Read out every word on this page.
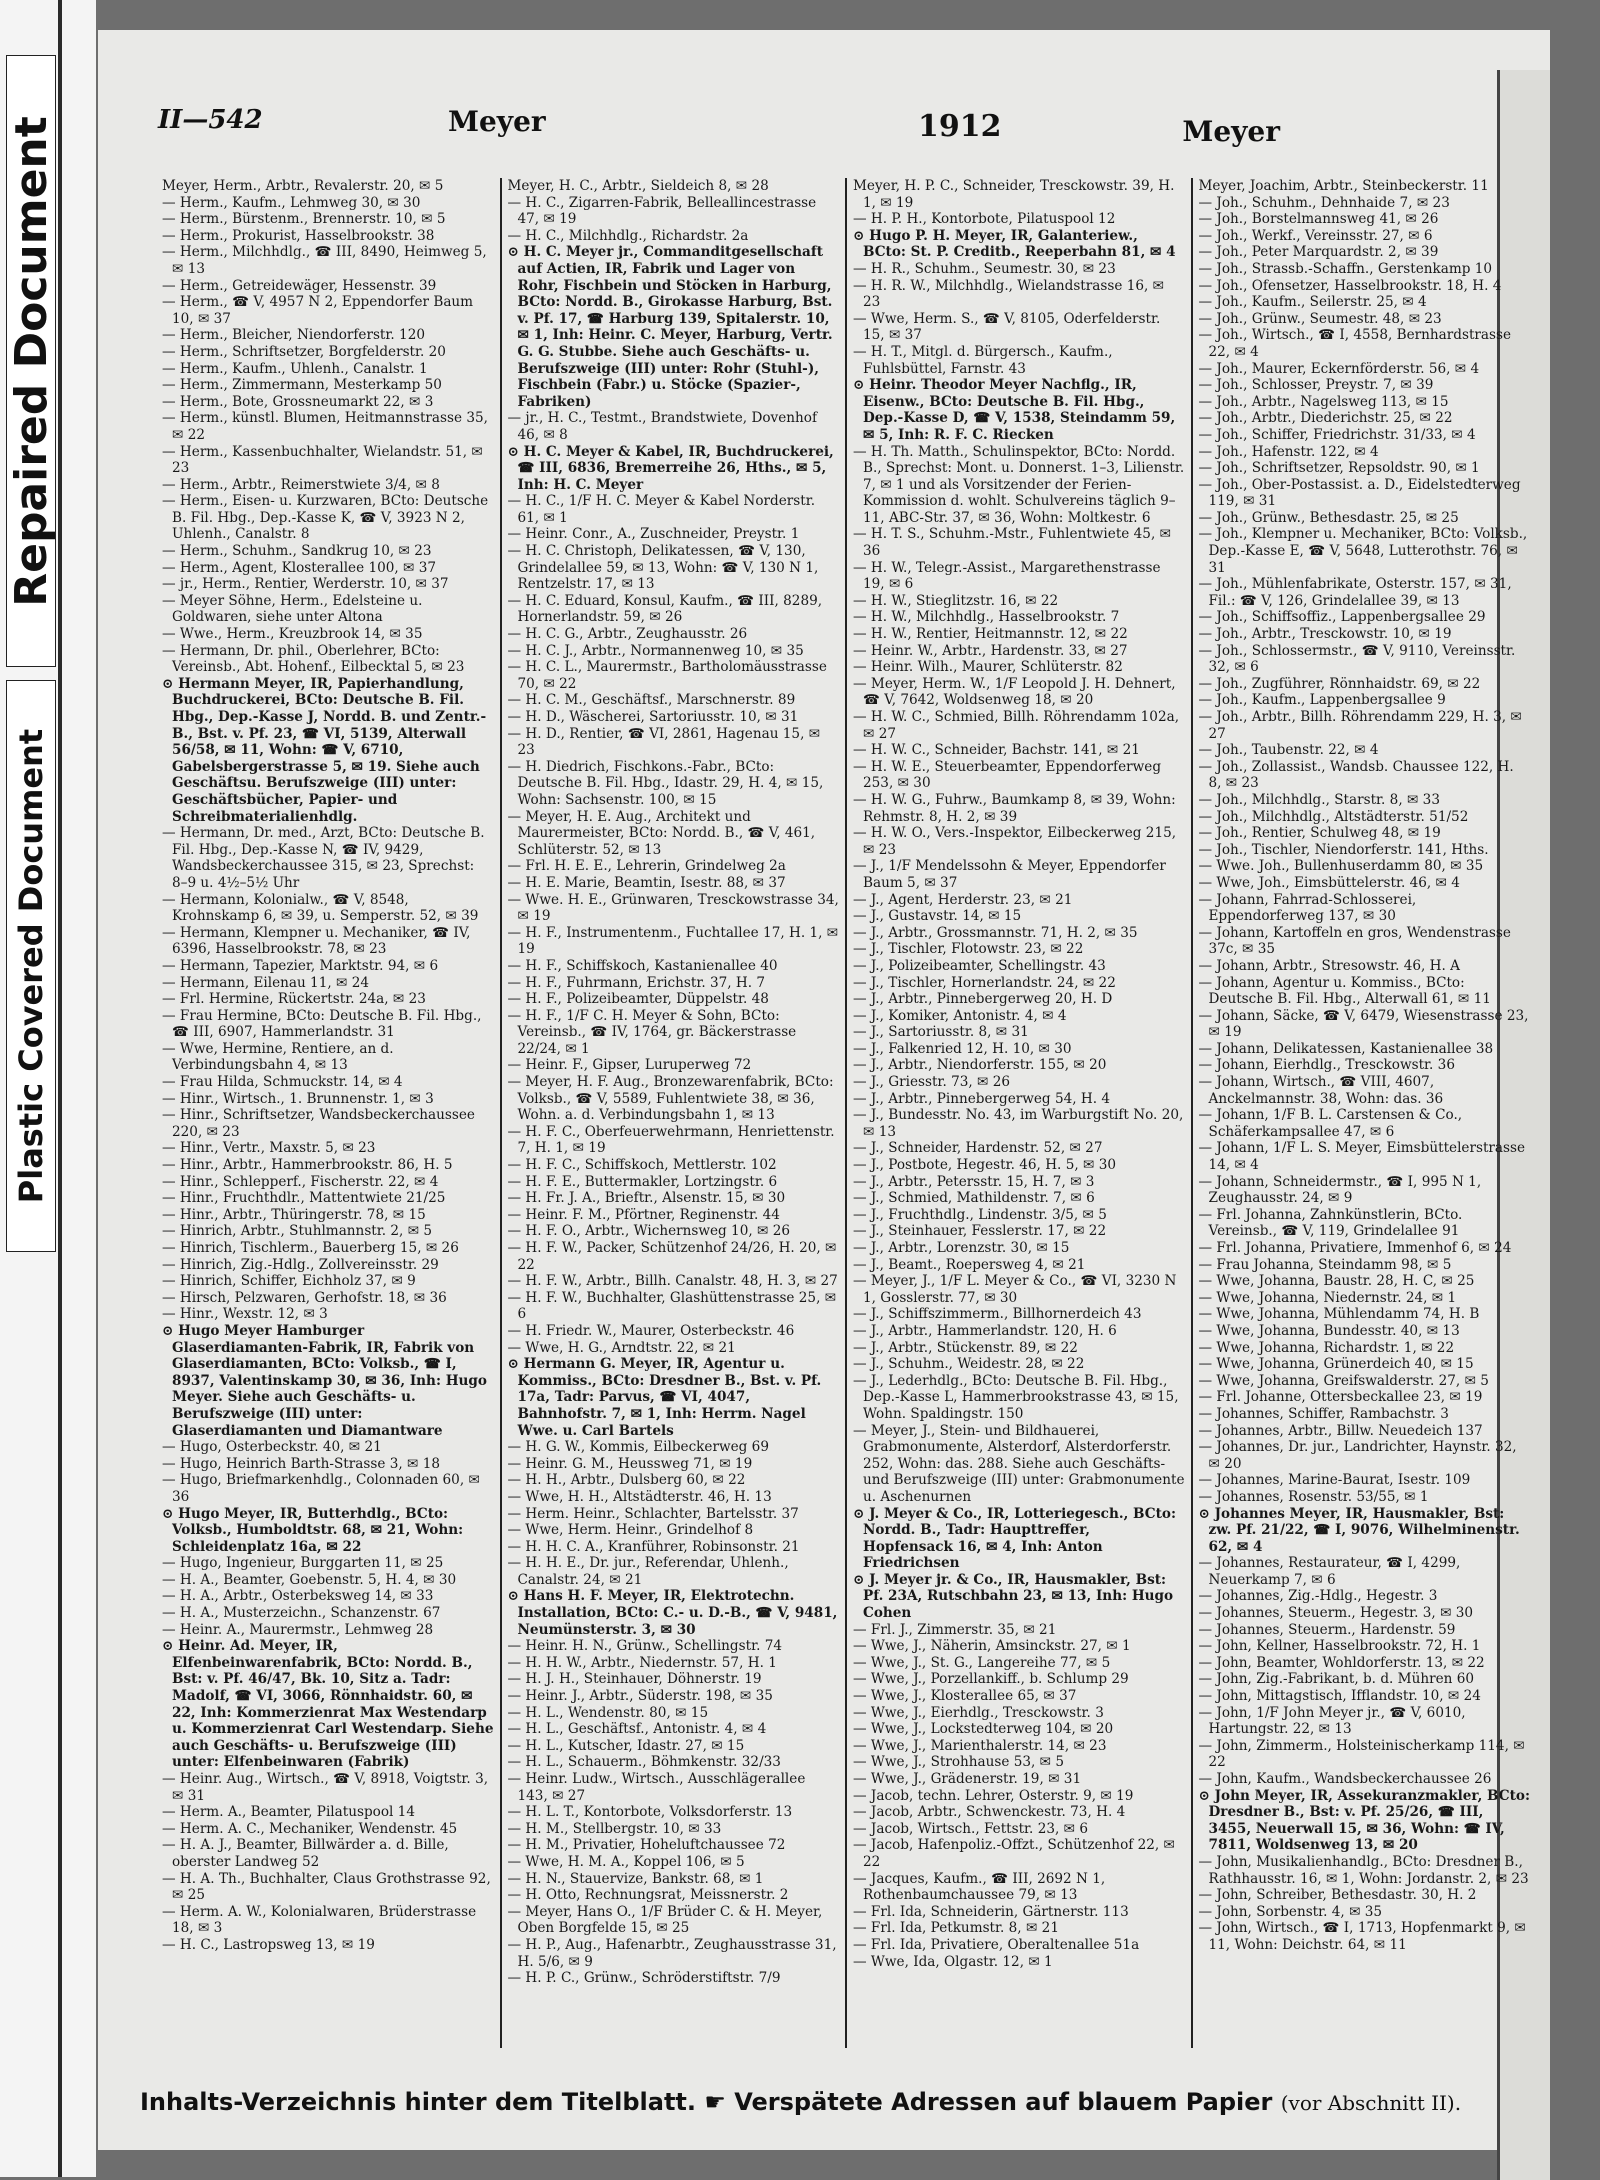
Repaired Document
Plastic Covered Document
II—542	Meyer	1912	Meyer

Meyer, Herm., Arbtr., Revalerstr. 20, ✉ 5

— Herm., Kaufm., Lehmweg 30, ✉ 30

— Herm., Bürstenm., Brennerstr. 10, ✉ 5

— Herm., Prokurist, Hasselbrookstr. 38

— Herm., Milchhdlg., ☎ III, 8490, Heimweg 5, ✉ 13

— Herm., Getreidewäger, Hessenstr. 39

— Herm., ☎ V, 4957 N 2, Eppendorfer Baum 10, ✉ 37

— Herm., Bleicher, Niendorferstr. 120

— Herm., Schriftsetzer, Borgfelderstr. 20

— Herm., Kaufm., Uhlenh., Canalstr. 1

— Herm., Zimmermann, Mesterkamp 50

— Herm., Bote, Grossneumarkt 22, ✉ 3

— Herm., künstl. Blumen, Heitmannstrasse 35, ✉ 22

— Herm., Kassenbuchhalter, Wielandstr. 51, ✉ 23

— Herm., Arbtr., Reimerstwiete 3/4, ✉ 8

— Herm., Eisen- u. Kurzwaren, BCto: Deutsche B. Fil. Hbg., Dep.-Kasse K, ☎ V, 3923 N 2, Uhlenh., Canalstr. 8

— Herm., Schuhm., Sandkrug 10, ✉ 23

— Herm., Agent, Klosterallee 100, ✉ 37

— jr., Herm., Rentier, Werderstr. 10, ✉ 37

— Meyer Söhne, Herm., Edelsteine u. Goldwaren, siehe unter Altona

— Wwe., Herm., Kreuzbrook 14, ✉ 35

— Hermann, Dr. phil., Oberlehrer, BCto: Vereinsb., Abt. Hohenf., Eilbecktal 5, ✉ 23

⊙ Hermann Meyer, IR, Papierhandlung, Buchdruckerei, BCto: Deutsche B. Fil. Hbg., Dep.-Kasse J, Nordd. B. und Zentr.-B., Bst. v. Pf. 23, ☎ VI, 5139, Alterwall 56/58, ✉ 11, Wohn: ☎ V, 6710, Gabelsbergerstrasse 5, ✉ 19. Siehe auch Geschäftsu. Berufszweige (III) unter: Geschäftsbücher, Papier- und Schreibmaterialienhdlg.

— Hermann, Dr. med., Arzt, BCto: Deutsche B. Fil. Hbg., Dep.-Kasse N, ☎ IV, 9429, Wandsbeckerchaussee 315, ✉ 23, Sprechst: 8–9 u. 4½–5½ Uhr

— Hermann, Kolonialw., ☎ V, 8548, Krohnskamp 6, ✉ 39, u. Semperstr. 52, ✉ 39

— Hermann, Klempner u. Mechaniker, ☎ IV, 6396, Hasselbrookstr. 78, ✉ 23

— Hermann, Tapezier, Marktstr. 94, ✉ 6

— Hermann, Eilenau 11, ✉ 24

— Frl. Hermine, Rückertstr. 24a, ✉ 23

— Frau Hermine, BCto: Deutsche B. Fil. Hbg., ☎ III, 6907, Hammerlandstr. 31

— Wwe, Hermine, Rentiere, an d. Verbindungsbahn 4, ✉ 13

— Frau Hilda, Schmuckstr. 14, ✉ 4

— Hinr., Wirtsch., 1. Brunnenstr. 1, ✉ 3

— Hinr., Schriftsetzer, Wandsbeckerchaussee 220, ✉ 23

— Hinr., Vertr., Maxstr. 5, ✉ 23

— Hinr., Arbtr., Hammerbrookstr. 86, H. 5

— Hinr., Schlepperf., Fischerstr. 22, ✉ 4

— Hinr., Fruchthdlr., Mattentwiete 21/25

— Hinr., Arbtr., Thüringerstr. 78, ✉ 15

— Hinrich, Arbtr., Stuhlmannstr. 2, ✉ 5

— Hinrich, Tischlerm., Bauerberg 15, ✉ 26

— Hinrich, Zig.-Hdlg., Zollvereinsstr. 29

— Hinrich, Schiffer, Eichholz 37, ✉ 9

— Hirsch, Pelzwaren, Gerhofstr. 18, ✉ 36

— Hinr., Wexstr. 12, ✉ 3

⊙ Hugo Meyer Hamburger Glaserdiamanten-Fabrik, IR, Fabrik von Glaserdiamanten, BCto: Volksb., ☎ I, 8937, Valentinskamp 30, ✉ 36, Inh: Hugo Meyer. Siehe auch Geschäfts- u. Berufszweige (III) unter: Glaserdiamanten und Diamantware

— Hugo, Osterbeckstr. 40, ✉ 21

— Hugo, Heinrich Barth-Strasse 3, ✉ 18

— Hugo, Briefmarkenhdlg., Colonnaden 60, ✉ 36

⊙ Hugo Meyer, IR, Butterhdlg., BCto: Volksb., Humboldtstr. 68, ✉ 21, Wohn: Schleidenplatz 16a, ✉ 22

— Hugo, Ingenieur, Burggarten 11, ✉ 25

— H. A., Beamter, Goebenstr. 5, H. 4, ✉ 30

— H. A., Arbtr., Osterbeksweg 14, ✉ 33

— H. A., Musterzeichn., Schanzenstr. 67

— Heinr. A., Maurermstr., Lehmweg 28

⊙ Heinr. Ad. Meyer, IR, Elfenbeinwarenfabrik, BCto: Nordd. B., Bst: v. Pf. 46/47, Bk. 10, Sitz a. Tadr: Madolf, ☎ VI, 3066, Rönnhaidstr. 60, ✉ 22, Inh: Kommerzienrat Max Westendarp u. Kommerzienrat Carl Westendarp. Siehe auch Geschäfts- u. Berufszweige (III) unter: Elfenbeinwaren (Fabrik)

— Heinr. Aug., Wirtsch., ☎ V, 8918, Voigtstr. 3, ✉ 31

— Herm. A., Beamter, Pilatuspool 14

— Herm. A. C., Mechaniker, Wendenstr. 45

— H. A. J., Beamter, Billwärder a. d. Bille, oberster Landweg 52

— H. A. Th., Buchhalter, Claus Grothstrasse 92, ✉ 25

— Herm. A. W., Kolonialwaren, Brüderstrasse 18, ✉ 3

— H. C., Lastropsweg 13, ✉ 19

Meyer, H. C., Arbtr., Sieldeich 8, ✉ 28

— H. C., Zigarren-Fabrik, Belleallincestrasse 47, ✉ 19

— H. C., Milchhdlg., Richardstr. 2a

⊙ H. C. Meyer jr., Commanditgesellschaft auf Actien, IR, Fabrik und Lager von Rohr, Fischbein und Stöcken in Harburg, BCto: Nordd. B., Girokasse Harburg, Bst. v. Pf. 17, ☎ Harburg 139, Spitalerstr. 10, ✉ 1, Inh: Heinr. C. Meyer, Harburg, Vertr. G. G. Stubbe. Siehe auch Geschäfts- u. Berufszweige (III) unter: Rohr (Stuhl-), Fischbein (Fabr.) u. Stöcke (Spazier-, Fabriken)

— jr., H. C., Testmt., Brandstwiete, Dovenhof 46, ✉ 8

⊙ H. C. Meyer & Kabel, IR, Buchdruckerei, ☎ III, 6836, Bremerreihe 26, Hths., ✉ 5, Inh: H. C. Meyer

— H. C., 1/F H. C. Meyer & Kabel Norderstr. 61, ✉ 1

— Heinr. Conr., A., Zuschneider, Preystr. 1

— H. C. Christoph, Delikatessen, ☎ V, 130, Grindelallee 59, ✉ 13, Wohn: ☎ V, 130 N 1, Rentzelstr. 17, ✉ 13

— H. C. Eduard, Konsul, Kaufm., ☎ III, 8289, Hornerlandstr. 59, ✉ 26

— H. C. G., Arbtr., Zeughausstr. 26

— H. C. J., Arbtr., Normannenweg 10, ✉ 35

— H. C. L., Maurermstr., Bartholomäusstrasse 70, ✉ 22

— H. C. M., Geschäftsf., Marschnerstr. 89

— H. D., Wäscherei, Sartoriusstr. 10, ✉ 31

— H. D., Rentier, ☎ VI, 2861, Hagenau 15, ✉ 23

— H. Diedrich, Fischkons.-Fabr., BCto: Deutsche B. Fil. Hbg., Idastr. 29, H. 4, ✉ 15, Wohn: Sachsenstr. 100, ✉ 15

— Meyer, H. E. Aug., Architekt und Maurermeister, BCto: Nordd. B., ☎ V, 461, Schlüterstr. 52, ✉ 13

— Frl. H. E. E., Lehrerin, Grindelweg 2a

— H. E. Marie, Beamtin, Isestr. 88, ✉ 37

— Wwe. H. E., Grünwaren, Tresckowstrasse 34, ✉ 19

— H. F., Instrumentenm., Fuchtallee 17, H. 1, ✉ 19

— H. F., Schiffskoch, Kastanienallee 40

— H. F., Fuhrmann, Erichstr. 37, H. 7

— H. F., Polizeibeamter, Düppelstr. 48

— H. F., 1/F C. H. Meyer & Sohn, BCto: Vereinsb., ☎ IV, 1764, gr. Bäckerstrasse 22/24, ✉ 1

— Heinr. F., Gipser, Luruperweg 72

— Meyer, H. F. Aug., Bronzewarenfabrik, BCto: Volksb., ☎ V, 5589, Fuhlentwiete 38, ✉ 36, Wohn. a. d. Verbindungsbahn 1, ✉ 13

— H. F. C., Oberfeuerwehrmann, Henriettenstr. 7, H. 1, ✉ 19

— H. F. C., Schiffskoch, Mettlerstr. 102

— H. F. E., Buttermakler, Lortzingstr. 6

— H. Fr. J. A., Brieftr., Alsenstr. 15, ✉ 30

— Heinr. F. M., Pförtner, Reginenstr. 44

— H. F. O., Arbtr., Wichernsweg 10, ✉ 26

— H. F. W., Packer, Schützenhof 24/26, H. 20, ✉ 22

— H. F. W., Arbtr., Billh. Canalstr. 48, H. 3, ✉ 27

— H. F. W., Buchhalter, Glashüttenstrasse 25, ✉ 6

— H. Friedr. W., Maurer, Osterbeckstr. 46

— Wwe, H. G., Arndtstr. 22, ✉ 21

⊙ Hermann G. Meyer, IR, Agentur u. Kommiss., BCto: Dresdner B., Bst. v. Pf. 17a, Tadr: Parvus, ☎ VI, 4047, Bahnhofstr. 7, ✉ 1, Inh: Herrm. Nagel Wwe. u. Carl Bartels

— H. G. W., Kommis, Eilbeckerweg 69

— Heinr. G. M., Heussweg 71, ✉ 19

— H. H., Arbtr., Dulsberg 60, ✉ 22

— Wwe, H. H., Altstädterstr. 46, H. 13

— Herm. Heinr., Schlachter, Bartelsstr. 37

— Wwe, Herm. Heinr., Grindelhof 8

— H. H. C. A., Kranführer, Robinsonstr. 21

— H. H. E., Dr. jur., Referendar, Uhlenh., Canalstr. 24, ✉ 21

⊙ Hans H. F. Meyer, IR, Elektrotechn. Installation, BCto: C.- u. D.-B., ☎ V, 9481, Neumünsterstr. 3, ✉ 30

— Heinr. H. N., Grünw., Schellingstr. 74

— H. H. W., Arbtr., Niedernstr. 57, H. 1

— H. J. H., Steinhauer, Döhnerstr. 19

— Heinr. J., Arbtr., Süderstr. 198, ✉ 35

— H. L., Wendenstr. 80, ✉ 15

— H. L., Geschäftsf., Antonistr. 4, ✉ 4

— H. L., Kutscher, Idastr. 27, ✉ 15

— H. L., Schauerm., Böhmkenstr. 32/33

— Heinr. Ludw., Wirtsch., Ausschlägerallee 143, ✉ 27

— H. L. T., Kontorbote, Volksdorferstr. 13

— H. M., Stellbergstr. 10, ✉ 33

— H. M., Privatier, Hoheluftchaussee 72

— Wwe, H. M. A., Koppel 106, ✉ 5

— H. N., Stauervize, Bankstr. 68, ✉ 1

— H. Otto, Rechnungsrat, Meissnerstr. 2

— Meyer, Hans O., 1/F Brüder C. & H. Meyer, Oben Borgfelde 15, ✉ 25

— H. P., Aug., Hafenarbtr., Zeughausstrasse 31, H. 5/6, ✉ 9

— H. P. C., Grünw., Schröderstiftstr. 7/9

Meyer, H. P. C., Schneider, Tresckowstr. 39, H. 1, ✉ 19

— H. P. H., Kontorbote, Pilatuspool 12

⊙ Hugo P. H. Meyer, IR, Galanteriew., BCto: St. P. Creditb., Reeperbahn 81, ✉ 4

— H. R., Schuhm., Seumestr. 30, ✉ 23

— H. R. W., Milchhdlg., Wielandstrasse 16, ✉ 23

— Wwe, Herm. S., ☎ V, 8105, Oderfelderstr. 15, ✉ 37

— H. T., Mitgl. d. Bürgersch., Kaufm., Fuhlsbüttel, Farnstr. 43

⊙ Heinr. Theodor Meyer Nachflg., IR, Eisenw., BCto: Deutsche B. Fil. Hbg., Dep.-Kasse D, ☎ V, 1538, Steindamm 59, ✉ 5, Inh: R. F. C. Riecken

— H. Th. Matth., Schulinspektor, BCto: Nordd. B., Sprechst: Mont. u. Donnerst. 1–3, Lilienstr. 7, ✉ 1 und als Vorsitzender der Ferien-Kommission d. wohlt. Schulvereins täglich 9–11, ABC-Str. 37, ✉ 36, Wohn: Moltkestr. 6

— H. T. S., Schuhm.-Mstr., Fuhlentwiete 45, ✉ 36

— H. W., Telegr.-Assist., Margarethenstrasse 19, ✉ 6

— H. W., Stieglitzstr. 16, ✉ 22

— H. W., Milchhdlg., Hasselbrookstr. 7

— H. W., Rentier, Heitmannstr. 12, ✉ 22

— Heinr. W., Arbtr., Hardenstr. 33, ✉ 27

— Heinr. Wilh., Maurer, Schlüterstr. 82

— Meyer, Herm. W., 1/F Leopold J. H. Dehnert, ☎ V, 7642, Woldsenweg 18, ✉ 20

— H. W. C., Schmied, Billh. Röhrendamm 102a, ✉ 27

— H. W. C., Schneider, Bachstr. 141, ✉ 21

— H. W. E., Steuerbeamter, Eppendorferweg 253, ✉ 30

— H. W. G., Fuhrw., Baumkamp 8, ✉ 39, Wohn: Rehmstr. 8, H. 2, ✉ 39

— H. W. O., Vers.-Inspektor, Eilbeckerweg 215, ✉ 23

— J., 1/F Mendelssohn & Meyer, Eppendorfer Baum 5, ✉ 37

— J., Agent, Herderstr. 23, ✉ 21

— J., Gustavstr. 14, ✉ 15

— J., Arbtr., Grossmannstr. 71, H. 2, ✉ 35

— J., Tischler, Flotowstr. 23, ✉ 22

— J., Polizeibeamter, Schellingstr. 43

— J., Tischler, Hornerlandstr. 24, ✉ 22

— J., Arbtr., Pinnebergerweg 20, H. D

— J., Komiker, Antonistr. 4, ✉ 4

— J., Sartoriusstr. 8, ✉ 31

— J., Falkenried 12, H. 10, ✉ 30

— J., Arbtr., Niendorferstr. 155, ✉ 20

— J., Griesstr. 73, ✉ 26

— J., Arbtr., Pinnebergerweg 54, H. 4

— J., Bundesstr. No. 43, im Warburgstift No. 20, ✉ 13

— J., Schneider, Hardenstr. 52, ✉ 27

— J., Postbote, Hegestr. 46, H. 5, ✉ 30

— J., Arbtr., Petersstr. 15, H. 7, ✉ 3

— J., Schmied, Mathildenstr. 7, ✉ 6

— J., Fruchthdlg., Lindenstr. 3/5, ✉ 5

— J., Steinhauer, Fesslerstr. 17, ✉ 22

— J., Arbtr., Lorenzstr. 30, ✉ 15

— J., Beamt., Roepersweg 4, ✉ 21

— Meyer, J., 1/F L. Meyer & Co., ☎ VI, 3230 N 1, Gosslerstr. 77, ✉ 30

— J., Schiffszimmerm., Billhornerdeich 43

— J., Arbtr., Hammerlandstr. 120, H. 6

— J., Arbtr., Stückenstr. 89, ✉ 22

— J., Schuhm., Weidestr. 28, ✉ 22

— J., Lederhdlg., BCto: Deutsche B. Fil. Hbg., Dep.-Kasse L, Hammerbrookstrasse 43, ✉ 15, Wohn. Spaldingstr. 150

— Meyer, J., Stein- und Bildhauerei, Grabmonumente, Alsterdorf, Alsterdorferstr. 252, Wohn: das. 288. Siehe auch Geschäfts- und Berufszweige (III) unter: Grabmonumente u. Aschenurnen

⊙ J. Meyer & Co., IR, Lotteriegesch., BCto: Nordd. B., Tadr: Haupttreffer, Hopfensack 16, ✉ 4, Inh: Anton Friedrichsen

⊙ J. Meyer jr. & Co., IR, Hausmakler, Bst: Pf. 23A, Rutschbahn 23, ✉ 13, Inh: Hugo Cohen

— Frl. J., Zimmerstr. 35, ✉ 21

— Wwe, J., Näherin, Amsinckstr. 27, ✉ 1

— Wwe, J., St. G., Langereihe 77, ✉ 5

— Wwe, J., Porzellankiff., b. Schlump 29

— Wwe, J., Klosterallee 65, ✉ 37

— Wwe, J., Eierhdlg., Tresckowstr. 3

— Wwe, J., Lockstedterweg 104, ✉ 20

— Wwe, J., Marienthalerstr. 14, ✉ 23

— Wwe, J., Strohhause 53, ✉ 5

— Wwe, J., Grädenerstr. 19, ✉ 31

— Jacob, techn. Lehrer, Osterstr. 9, ✉ 19

— Jacob, Arbtr., Schwenckestr. 73, H. 4

— Jacob, Wirtsch., Fettstr. 23, ✉ 6

— Jacob, Hafenpoliz.-Offzt., Schützenhof 22, ✉ 22

— Jacques, Kaufm., ☎ III, 2692 N 1, Rothenbaumchaussee 79, ✉ 13

— Frl. Ida, Schneiderin, Gärtnerstr. 113

— Frl. Ida, Petkumstr. 8, ✉ 21

— Frl. Ida, Privatiere, Oberaltenallee 51a

— Wwe, Ida, Olgastr. 12, ✉ 1

Meyer, Joachim, Arbtr., Steinbeckerstr. 11

— Joh., Schuhm., Dehnhaide 7, ✉ 23

— Joh., Borstelmannsweg 41, ✉ 26

— Joh., Werkf., Vereinsstr. 27, ✉ 6

— Joh., Peter Marquardstr. 2, ✉ 39

— Joh., Strassb.-Schaffn., Gerstenkamp 10

— Joh., Ofensetzer, Hasselbrookstr. 18, H. 4

— Joh., Kaufm., Seilerstr. 25, ✉ 4

— Joh., Grünw., Seumestr. 48, ✉ 23

— Joh., Wirtsch., ☎ I, 4558, Bernhardstrasse 22, ✉ 4

— Joh., Maurer, Eckernförderstr. 56, ✉ 4

— Joh., Schlosser, Preystr. 7, ✉ 39

— Joh., Arbtr., Nagelsweg 113, ✉ 15

— Joh., Arbtr., Diederichstr. 25, ✉ 22

— Joh., Schiffer, Friedrichstr. 31/33, ✉ 4

— Joh., Hafenstr. 122, ✉ 4

— Joh., Schriftsetzer, Repsoldstr. 90, ✉ 1

— Joh., Ober-Postassist. a. D., Eidelstedterweg 119, ✉ 31

— Joh., Grünw., Bethesdastr. 25, ✉ 25

— Joh., Klempner u. Mechaniker, BCto: Volksb., Dep.-Kasse E, ☎ V, 5648, Lutterothstr. 76, ✉ 31

— Joh., Mühlenfabrikate, Osterstr. 157, ✉ 31, Fil.: ☎ V, 126, Grindelallee 39, ✉ 13

— Joh., Schiffsoffiz., Lappenbergsallee 29

— Joh., Arbtr., Tresckowstr. 10, ✉ 19

— Joh., Schlossermstr., ☎ V, 9110, Vereinsstr. 32, ✉ 6

— Joh., Zugführer, Rönnhaidstr. 69, ✉ 22

— Joh., Kaufm., Lappenbergsallee 9

— Joh., Arbtr., Billh. Röhrendamm 229, H. 3, ✉ 27

— Joh., Taubenstr. 22, ✉ 4

— Joh., Zollassist., Wandsb. Chaussee 122, H. 8, ✉ 23

— Joh., Milchhdlg., Starstr. 8, ✉ 33

— Joh., Milchhdlg., Altstädterstr. 51/52

— Joh., Rentier, Schulweg 48, ✉ 19

— Joh., Tischler, Niendorferstr. 141, Hths.

— Wwe. Joh., Bullenhuserdamm 80, ✉ 35

— Wwe, Joh., Eimsbüttelerstr. 46, ✉ 4

— Johann, Fahrrad-Schlosserei, Eppendorferweg 137, ✉ 30

— Johann, Kartoffeln en gros, Wendenstrasse 37c, ✉ 35

— Johann, Arbtr., Stresowstr. 46, H. A

— Johann, Agentur u. Kommiss., BCto: Deutsche B. Fil. Hbg., Alterwall 61, ✉ 11

— Johann, Säcke, ☎ V, 6479, Wiesenstrasse 23, ✉ 19

— Johann, Delikatessen, Kastanienallee 38

— Johann, Eierhdlg., Tresckowstr. 36

— Johann, Wirtsch., ☎ VIII, 4607, Anckelmannstr. 38, Wohn: das. 36

— Johann, 1/F B. L. Carstensen & Co., Schäferkampsallee 47, ✉ 6

— Johann, 1/F L. S. Meyer, Eimsbüttelerstrasse 14, ✉ 4

— Johann, Schneidermstr., ☎ I, 995 N 1, Zeughausstr. 24, ✉ 9

— Frl. Johanna, Zahnkünstlerin, BCto. Vereinsb., ☎ V, 119, Grindelallee 91

— Frl. Johanna, Privatiere, Immenhof 6, ✉ 24

— Frau Johanna, Steindamm 98, ✉ 5

— Wwe, Johanna, Baustr. 28, H. C, ✉ 25

— Wwe, Johanna, Niedernstr. 24, ✉ 1

— Wwe, Johanna, Mühlendamm 74, H. B

— Wwe, Johanna, Bundesstr. 40, ✉ 13

— Wwe, Johanna, Richardstr. 1, ✉ 22

— Wwe, Johanna, Grünerdeich 40, ✉ 15

— Wwe, Johanna, Greifswalderstr. 27, ✉ 5

— Frl. Johanne, Ottersbeckallee 23, ✉ 19

— Johannes, Schiffer, Rambachstr. 3

— Johannes, Arbtr., Billw. Neuedeich 137

— Johannes, Dr. jur., Landrichter, Haynstr. 32, ✉ 20

— Johannes, Marine-Baurat, Isestr. 109

— Johannes, Rosenstr. 53/55, ✉ 1

⊙ Johannes Meyer, IR, Hausmakler, Bst: zw. Pf. 21/22, ☎ I, 9076, Wilhelminenstr. 62, ✉ 4

— Johannes, Restaurateur, ☎ I, 4299, Neuerkamp 7, ✉ 6

— Johannes, Zig.-Hdlg., Hegestr. 3

— Johannes, Steuerm., Hegestr. 3, ✉ 30

— Johannes, Steuerm., Hardenstr. 59

— John, Kellner, Hasselbrookstr. 72, H. 1

— John, Beamter, Wohldorferstr. 13, ✉ 22

— John, Zig.-Fabrikant, b. d. Mühren 60

— John, Mittagstisch, Ifflandstr. 10, ✉ 24

— John, 1/F John Meyer jr., ☎ V, 6010, Hartungstr. 22, ✉ 13

— John, Zimmerm., Holsteinischerkamp 114, ✉ 22

— John, Kaufm., Wandsbeckerchaussee 26

⊙ John Meyer, IR, Assekuranzmakler, BCto: Dresdner B., Bst: v. Pf. 25/26, ☎ III, 3455, Neuerwall 15, ✉ 36, Wohn: ☎ IV, 7811, Woldsenweg 13, ✉ 20

— John, Musikalienhandlg., BCto: Dresdner B., Rathhausstr. 16, ✉ 1, Wohn: Jordanstr. 2, ✉ 23

— John, Schreiber, Bethesdastr. 30, H. 2

— John, Sorbenstr. 4, ✉ 35

— John, Wirtsch., ☎ I, 1713, Hopfenmarkt 9, ✉ 11, Wohn: Deichstr. 64, ✉ 11

Inhalts-Verzeichnis hinter dem Titelblatt. ☛ Verspätete Adressen auf blauem Papier (vor Abschnitt II).
